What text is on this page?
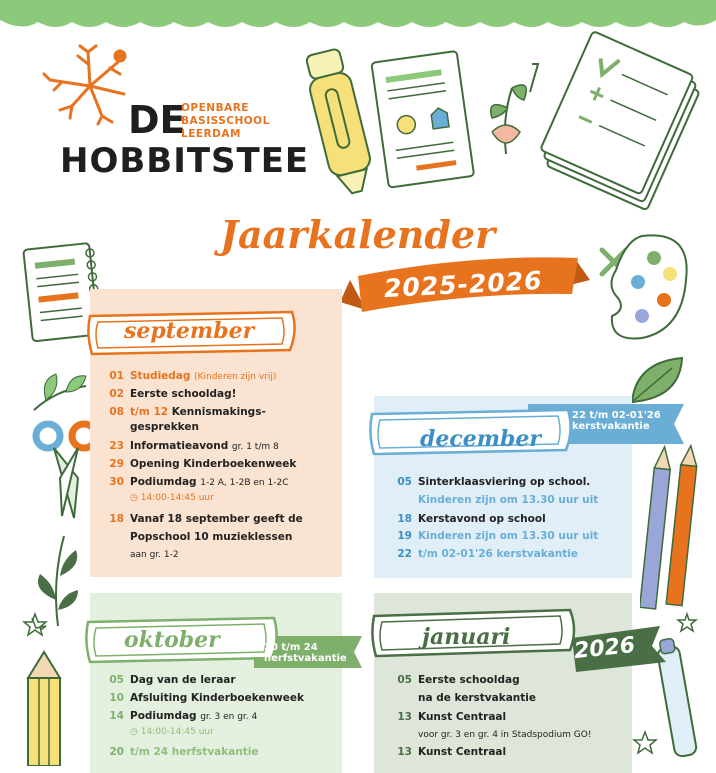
DE
OPENBARE
BASISSCHOOL
LEERDAM
HOBBITSTEE
Jaarkalender
2025-2026
september
december
22 t/m 02-01'26
kerstvakantie
oktober	20 t/m 24
herfstvakantie
januari	2026
01 Studiedag (Kinderen zijn vrij)
02 Eerste schooldag!
08 t/m 12 Kennismakings-
gesprekken
23 Informatieavond gr. 1 t/m 8
29 Opening Kinderboekenweek
30 Podiumdag 1-2 A, 1-2B en 1-2C
◷ 14:00-14:45 uur
18 Vanaf 18 september geeft de
Popschool 10 muzieklessen
aan gr. 1-2
05 Sinterklaasviering op school.
Kinderen zijn om 13.30 uur uit
18 Kerstavond op school
19 Kinderen zijn om 13.30 uur uit
22 t/m 02-01'26 kerstvakantie
05 Dag van de leraar
10 Afsluiting Kinderboekenweek
14 Podiumdag gr. 3 en gr. 4
◷ 14:00-14:45 uur
20 t/m 24 herfstvakantie
05 Eerste schooldag
na de kerstvakantie
13 Kunst Centraal
voor gr. 3 en gr. 4 in Stadspodium GO!
13 Kunst Centraal
